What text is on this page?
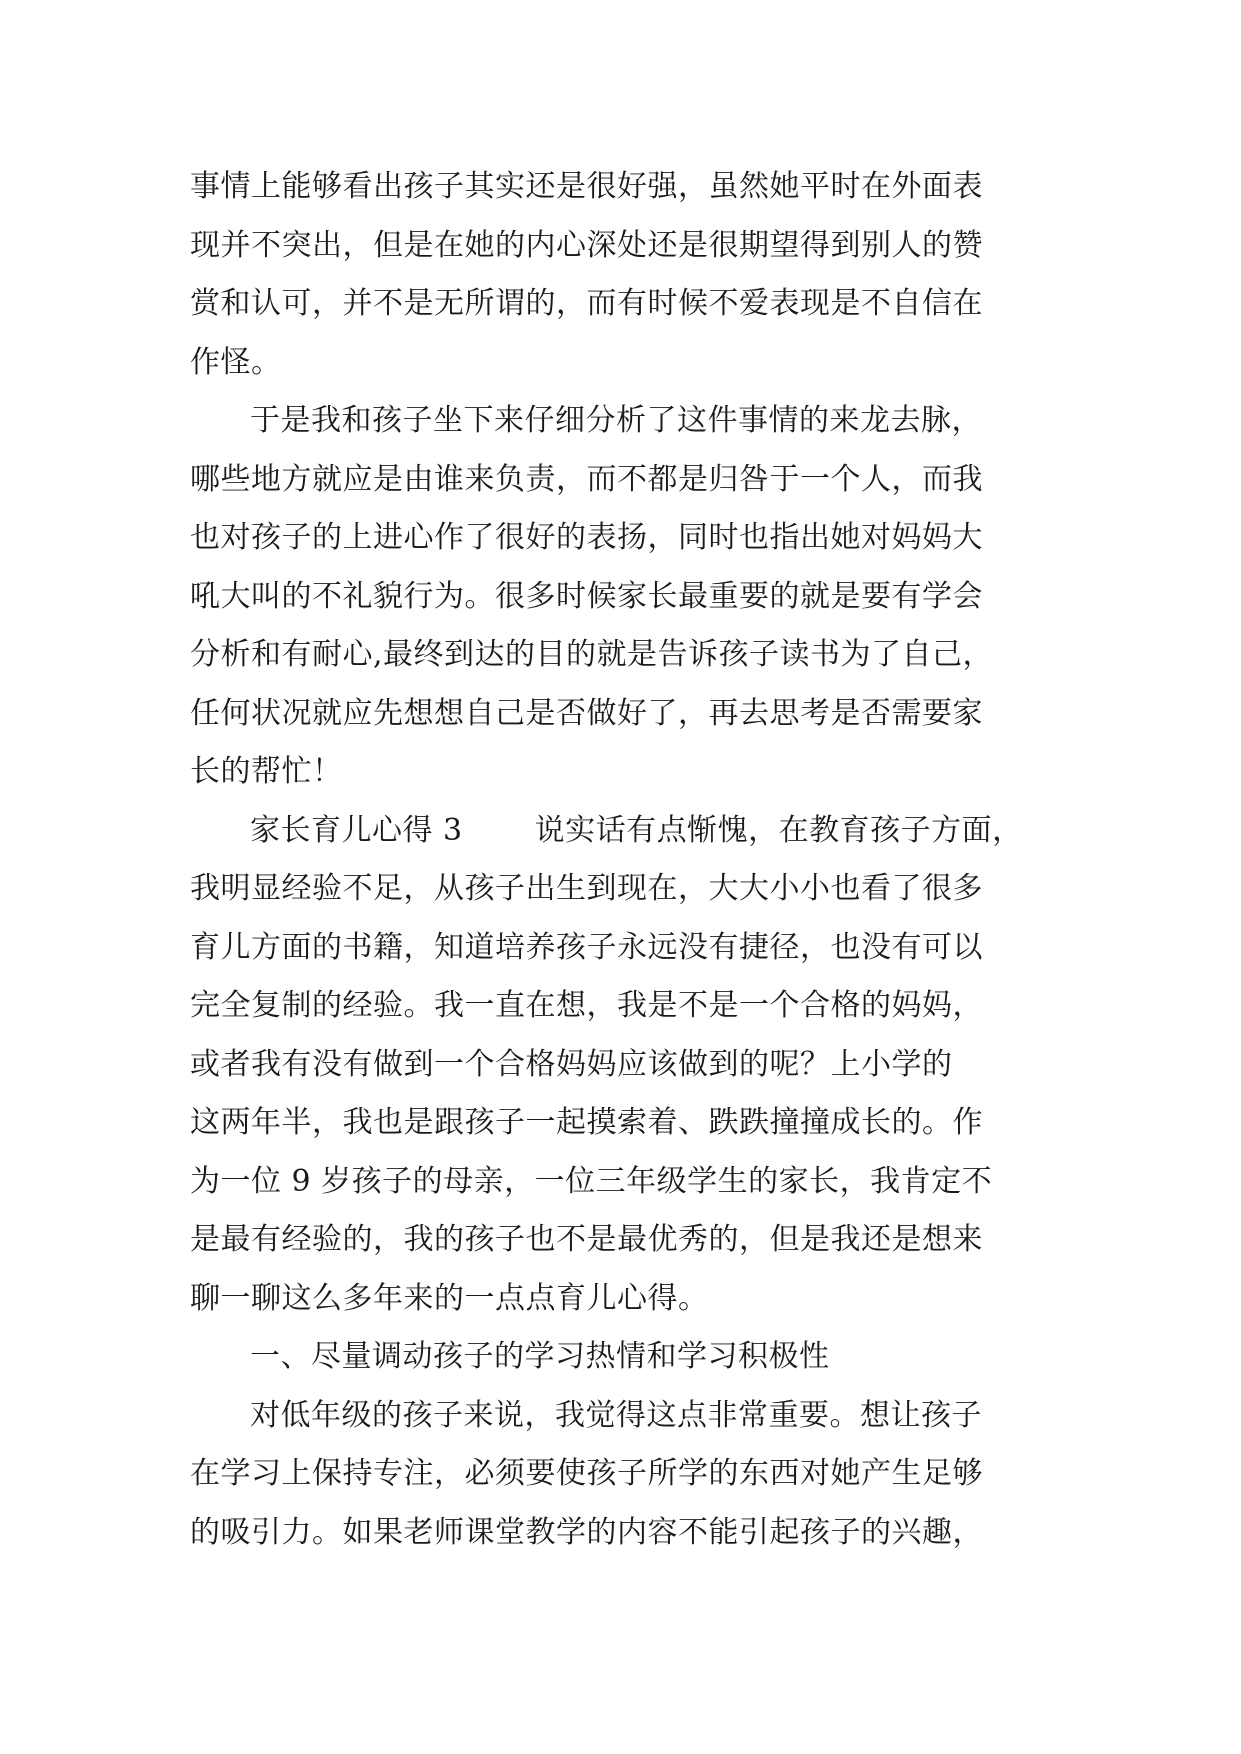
事情上能够看出孩子其实还是很好强，虽然她平时在外面表
现并不突出，但是在她的内心深处还是很期望得到别人的赞
赏和认可，并不是无所谓的，而有时候不爱表现是不自信在
作怪。
于是我和孩子坐下来仔细分析了这件事情的来龙去脉，
哪些地方就应是由谁来负责，而不都是归咎于一个人，而我
也对孩子的上进心作了很好的表扬，同时也指出她对妈妈大
吼大叫的不礼貌行为。很多时候家长最重要的就是要有学会
分析和有耐心,最终到达的目的就是告诉孩子读书为了自己，
任何状况就应先想想自己是否做好了，再去思考是否需要家
长的帮忙！
家长育儿心得 3 说实话有点惭愧，在教育孩子方面，
我明显经验不足，从孩子出生到现在，大大小小也看了很多
育儿方面的书籍，知道培养孩子永远没有捷径，也没有可以
完全复制的经验。我一直在想，我是不是一个合格的妈妈，
或者我有没有做到一个合格妈妈应该做到的呢？上小学的
这两年半，我也是跟孩子一起摸索着、跌跌撞撞成长的。作
为一位 9 岁孩子的母亲，一位三年级学生的家长，我肯定不
是最有经验的，我的孩子也不是最优秀的，但是我还是想来
聊一聊这么多年来的一点点育儿心得。
一、尽量调动孩子的学习热情和学习积极性
对低年级的孩子来说，我觉得这点非常重要。想让孩子
在学习上保持专注，必须要使孩子所学的东西对她产生足够
的吸引力。如果老师课堂教学的内容不能引起孩子的兴趣，
